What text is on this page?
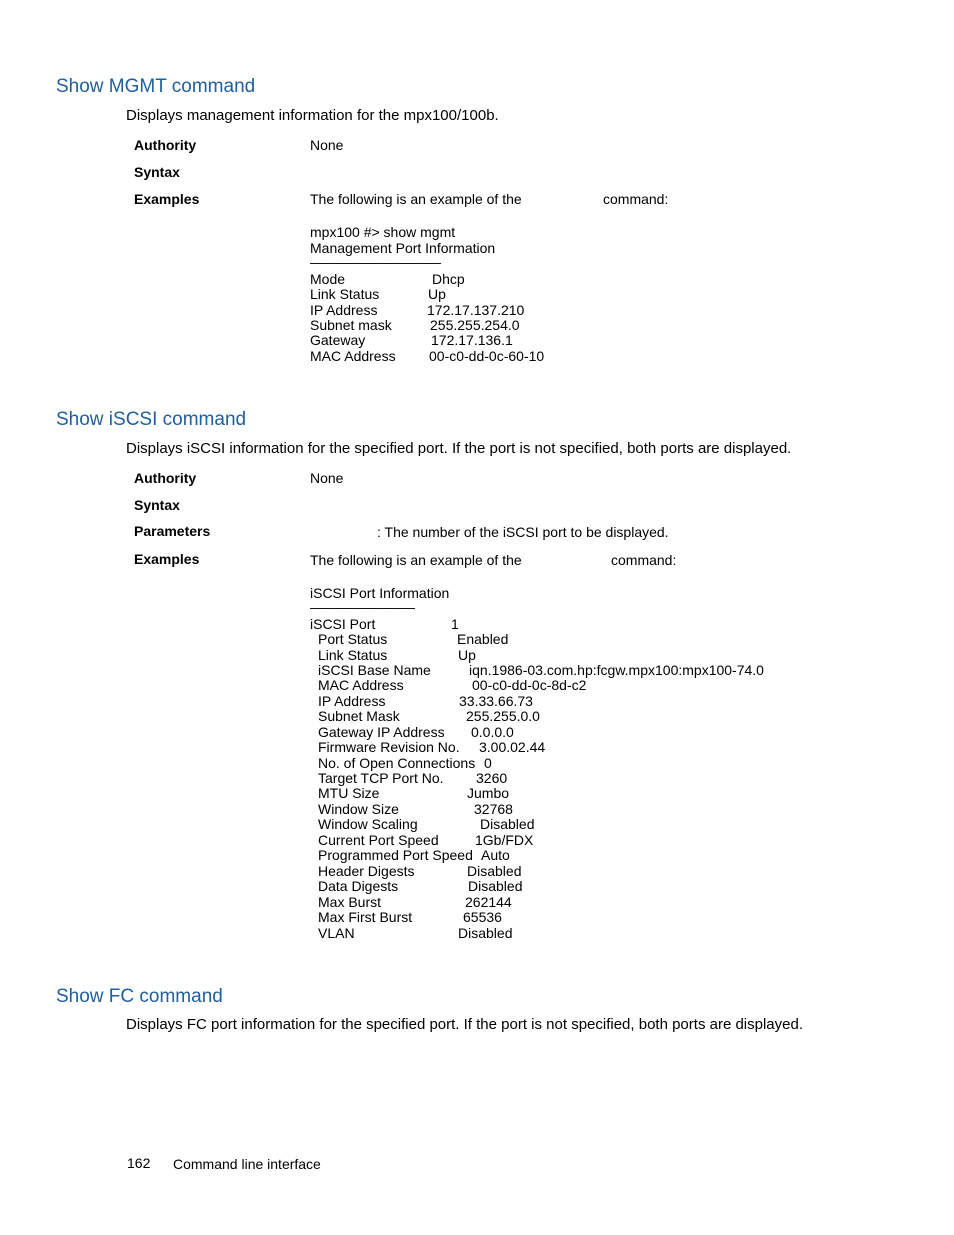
Show MGMT command
Displays management information for the mpx100/100b.
Authority	None
Syntax
Examples	The following is an example of the	command:
mpx100 #> show mgmt
Management Port Information
——————————
Mode	Dhcp
Link Status	Up
IP Address	172.17.137.210
Subnet mask	255.255.254.0
Gateway	172.17.136.1
MAC Address 00-c0-dd-0c-60-10
Show iSCSI command
Displays iSCSI information for the specified port. If the port is not specified, both ports are displayed.
Authority	None
Syntax
Parameters	: The number of the iSCSI port to be displayed.
Examples	The following is an example of the	command:
iSCSI Port Information
————————
iSCSI Port	1
Port Status	Enabled
Link Status	Up
iSCSI Base Name	iqn.1986-03.com.hp:fcgw.mpx100:mpx100-74.0
MAC Address	00-c0-dd-0c-8d-c2
IP Address	33.33.66.73
Subnet Mask	255.255.0.0
Gateway IP Address 0.0.0.0
Firmware Revision No. 3.00.02.44
No. of Open Connections 0
Target TCP Port No. 3260
MTU Size	Jumbo
Window Size	32768
Window Scaling	Disabled
Current Port Speed	1Gb/FDX
Programmed Port Speed Auto
Header Digests	Disabled
Data Digests	Disabled
Max Burst	262144
Max First Burst	65536
VLAN	Disabled
Show FC command
Displays FC port information for the specified port. If the port is not specified, both ports are displayed.
162 Command line interface
